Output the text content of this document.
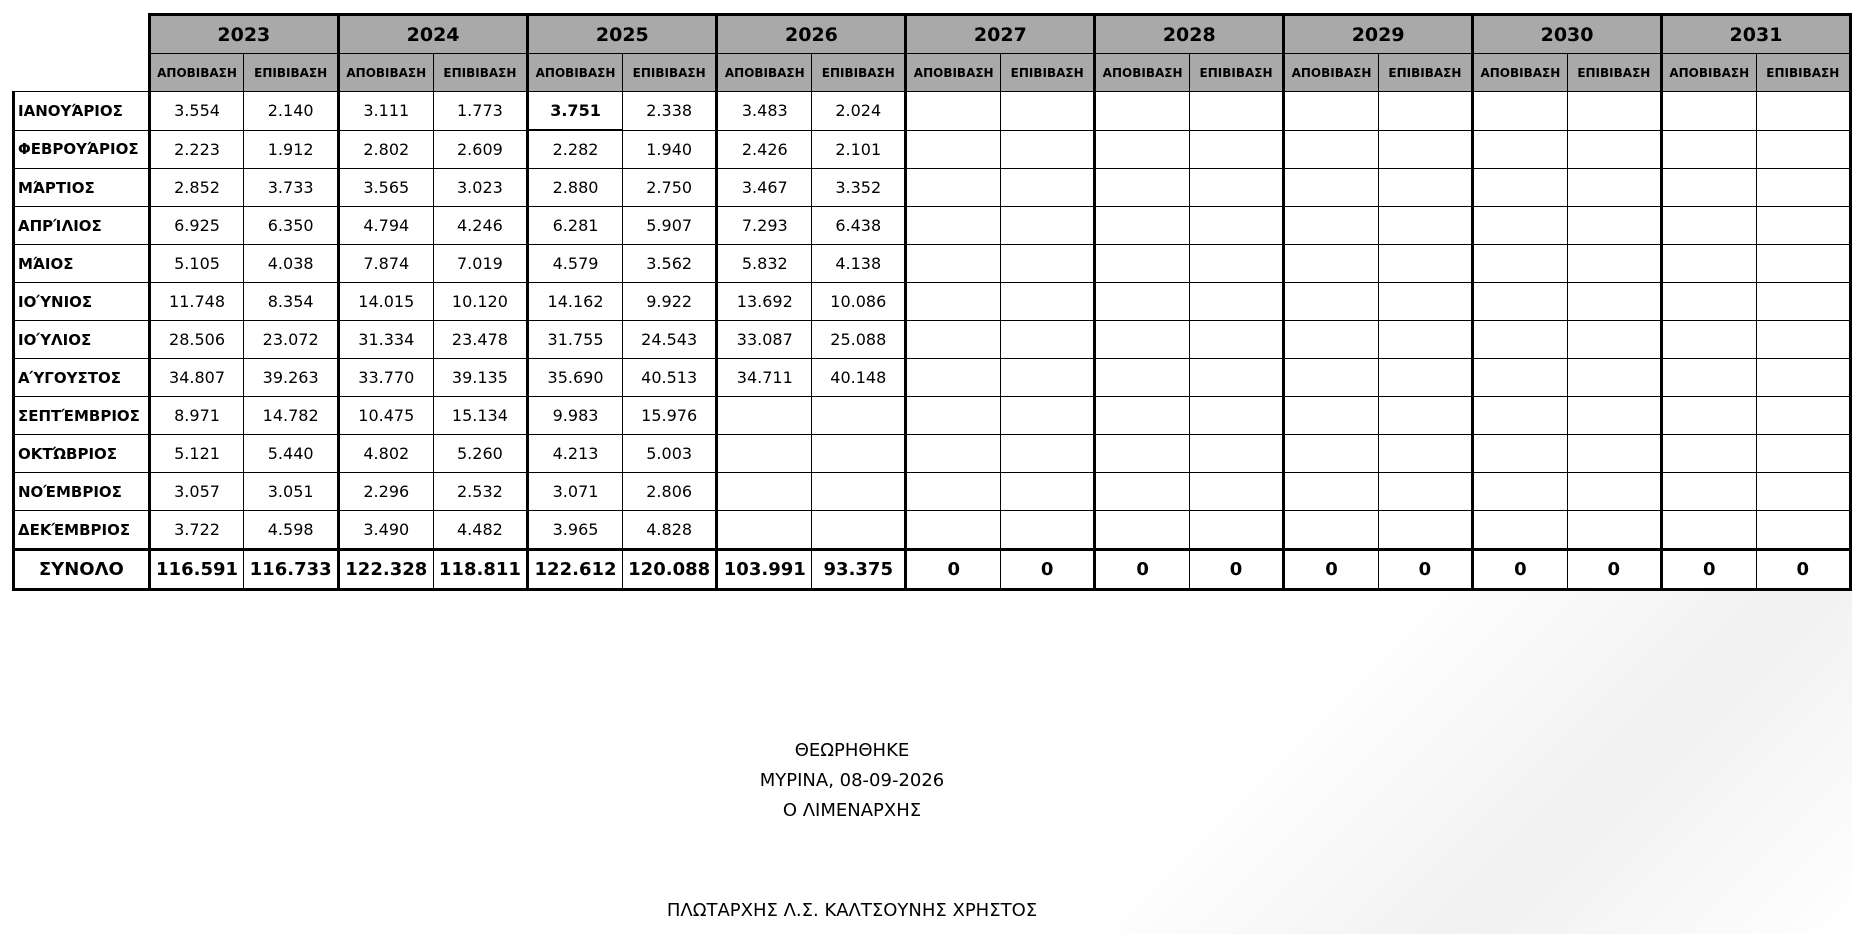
	2023		2024		2025		2026		2027		2028		2029		2030		2031	
	ΑΠΟΒΙΒΑΣΗ	ΕΠΙΒΙΒΑΣΗ	ΑΠΟΒΙΒΑΣΗ	ΕΠΙΒΙΒΑΣΗ	ΑΠΟΒΙΒΑΣΗ	ΕΠΙΒΙΒΑΣΗ	ΑΠΟΒΙΒΑΣΗ	ΕΠΙΒΙΒΑΣΗ	ΑΠΟΒΙΒΑΣΗ	ΕΠΙΒΙΒΑΣΗ	ΑΠΟΒΙΒΑΣΗ	ΕΠΙΒΙΒΑΣΗ	ΑΠΟΒΙΒΑΣΗ	ΕΠΙΒΙΒΑΣΗ	ΑΠΟΒΙΒΑΣΗ	ΕΠΙΒΙΒΑΣΗ	ΑΠΟΒΙΒΑΣΗ	ΕΠΙΒΙΒΑΣΗ
ΙΑΝΟΥΆΡΙΟΣ	3.554	2.140	3.111	1.773	3.751	2.338	3.483	2.024										
ΦΕΒΡΟΥΆΡΙΟΣ	2.223	1.912	2.802	2.609	2.282	1.940	2.426	2.101										
ΜΆΡΤΙΟΣ	2.852	3.733	3.565	3.023	2.880	2.750	3.467	3.352										
ΑΠΡΊΛΙΟΣ	6.925	6.350	4.794	4.246	6.281	5.907	7.293	6.438										
ΜΆΙΟΣ	5.105	4.038	7.874	7.019	4.579	3.562	5.832	4.138										
ΙΟΎΝΙΟΣ	11.748	8.354	14.015	10.120	14.162	9.922	13.692	10.086										
ΙΟΎΛΙΟΣ	28.506	23.072	31.334	23.478	31.755	24.543	33.087	25.088										
ΑΎΓΟΥΣΤΟΣ	34.807	39.263	33.770	39.135	35.690	40.513	34.711	40.148										
ΣΕΠΤΈΜΒΡΙΟΣ	8.971	14.782	10.475	15.134	9.983	15.976												
ΟΚΤΏΒΡΙΟΣ	5.121	5.440	4.802	5.260	4.213	5.003												
ΝΟΈΜΒΡΙΟΣ	3.057	3.051	2.296	2.532	3.071	2.806												
ΔΕΚΈΜΒΡΙΟΣ	3.722	4.598	3.490	4.482	3.965	4.828												
ΣΥΝΟΛΟ	116.591	116.733	122.328	118.811	122.612	120.088	103.991	93.375	0	0	0	0	0	0	0	0	0	0
ΘΕΩΡΗΘΗΚΕ
ΜΥΡΙΝΑ, 08-09-2026
Ο ΛΙΜΕΝΑΡΧΗΣ
ΠΛΩΤΑΡΧΗΣ Λ.Σ. ΚΑΛΤΣΟΥΝΗΣ ΧΡΗΣΤΟΣ
